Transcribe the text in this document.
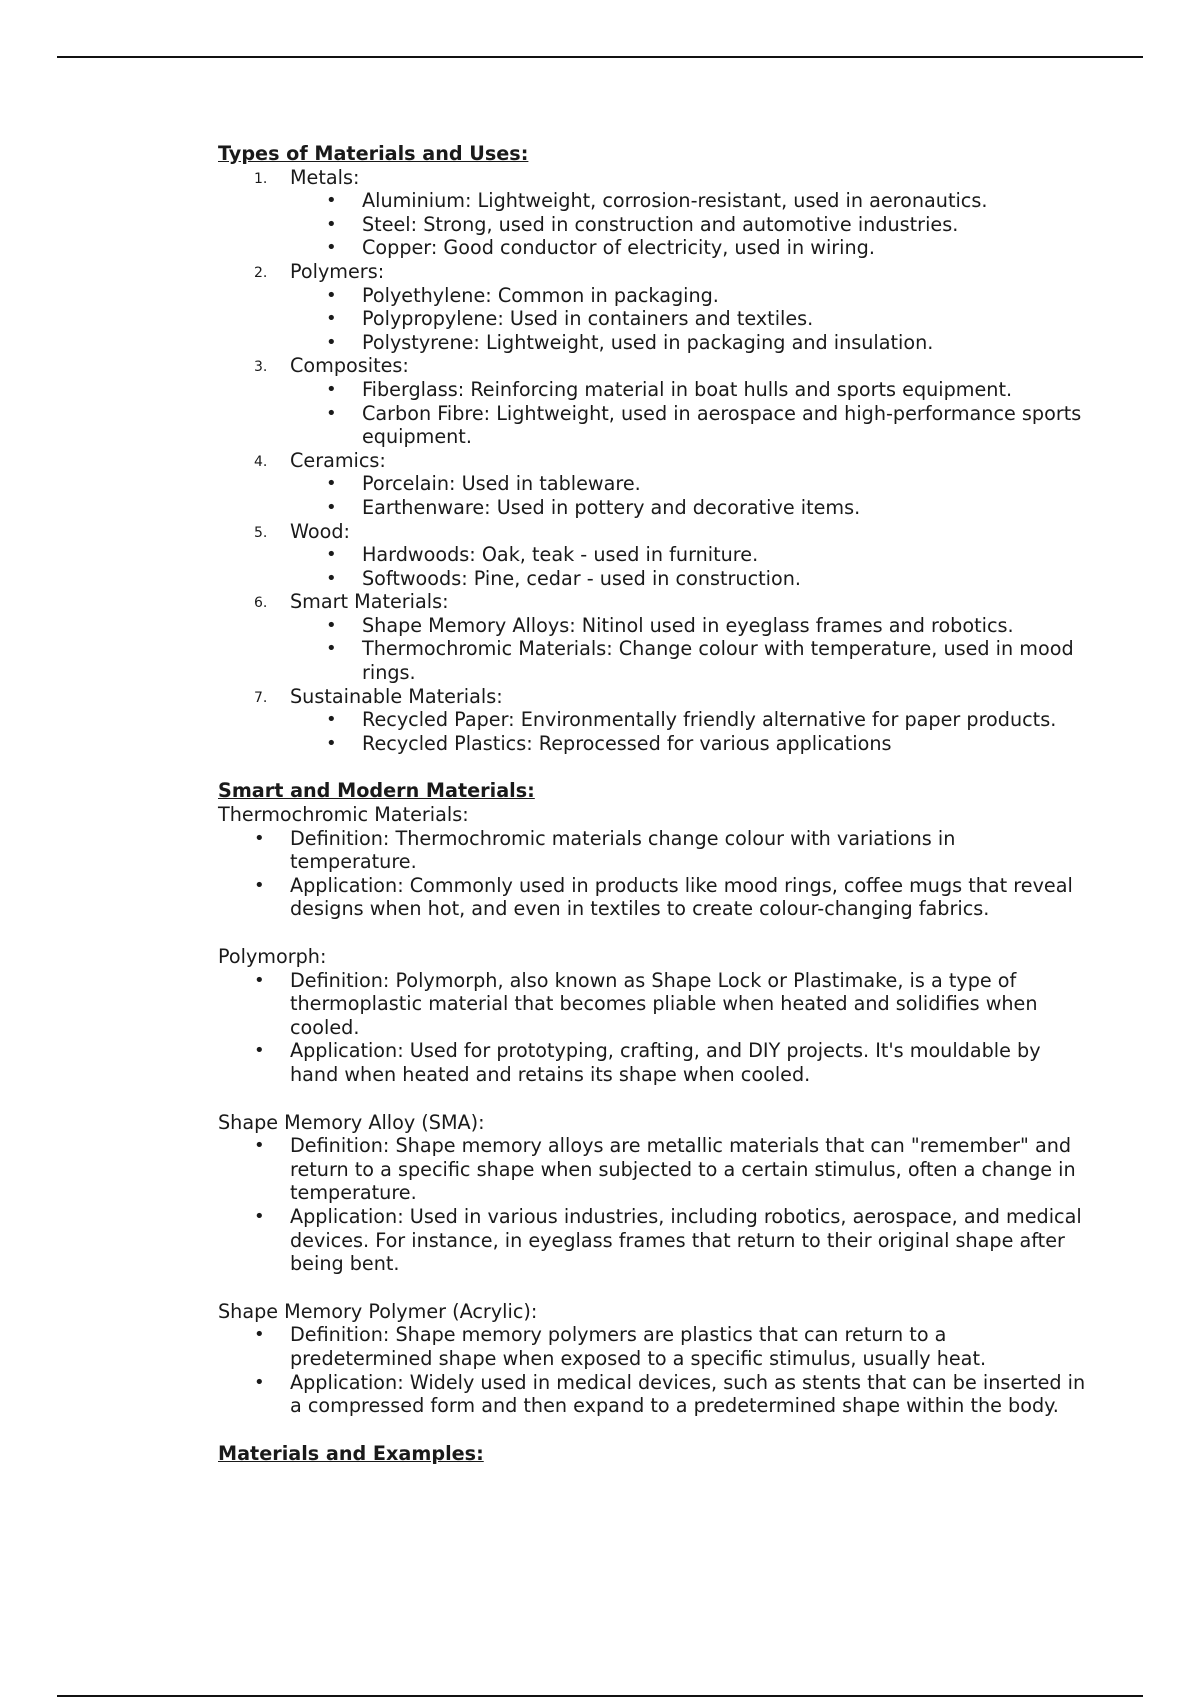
Types of Materials and Uses:

1. Metals:
• Aluminium: Lightweight, corrosion-resistant, used in aeronautics.
• Steel: Strong, used in construction and automotive industries.
• Copper: Good conductor of electricity, used in wiring.
2. Polymers:
• Polyethylene: Common in packaging.
• Polypropylene: Used in containers and textiles.
• Polystyrene: Lightweight, used in packaging and insulation.
3. Composites:
• Fiberglass: Reinforcing material in boat hulls and sports equipment.
• Carbon Fibre: Lightweight, used in aerospace and high-performance sports equipment.
4. Ceramics:
• Porcelain: Used in tableware.
• Earthenware: Used in pottery and decorative items.
5. Wood:
• Hardwoods: Oak, teak - used in furniture.
• Softwoods: Pine, cedar - used in construction.
6. Smart Materials:
• Shape Memory Alloys: Nitinol used in eyeglass frames and robotics.
• Thermochromic Materials: Change colour with temperature, used in mood rings.
7. Sustainable Materials:
• Recycled Paper: Environmentally friendly alternative for paper products.
• Recycled Plastics: Reprocessed for various applications

Smart and Modern Materials:

Thermochromic Materials:

• Definition: Thermochromic materials change colour with variations in temperature.
• Application: Commonly used in products like mood rings, coffee mugs that reveal designs when hot, and even in textiles to create colour-changing fabrics.

Polymorph:

• Definition: Polymorph, also known as Shape Lock or Plastimake, is a type of thermoplastic material that becomes pliable when heated and solidifies when cooled.
• Application: Used for prototyping, crafting, and DIY projects. It's mouldable by hand when heated and retains its shape when cooled.

Shape Memory Alloy (SMA):

• Definition: Shape memory alloys are metallic materials that can "remember" and return to a specific shape when subjected to a certain stimulus, often a change in temperature.
• Application: Used in various industries, including robotics, aerospace, and medical devices. For instance, in eyeglass frames that return to their original shape after being bent.

Shape Memory Polymer (Acrylic):

• Definition: Shape memory polymers are plastics that can return to a predetermined shape when exposed to a specific stimulus, usually heat.
• Application: Widely used in medical devices, such as stents that can be inserted in a compressed form and then expand to a predetermined shape within the body.

Materials and Examples:
